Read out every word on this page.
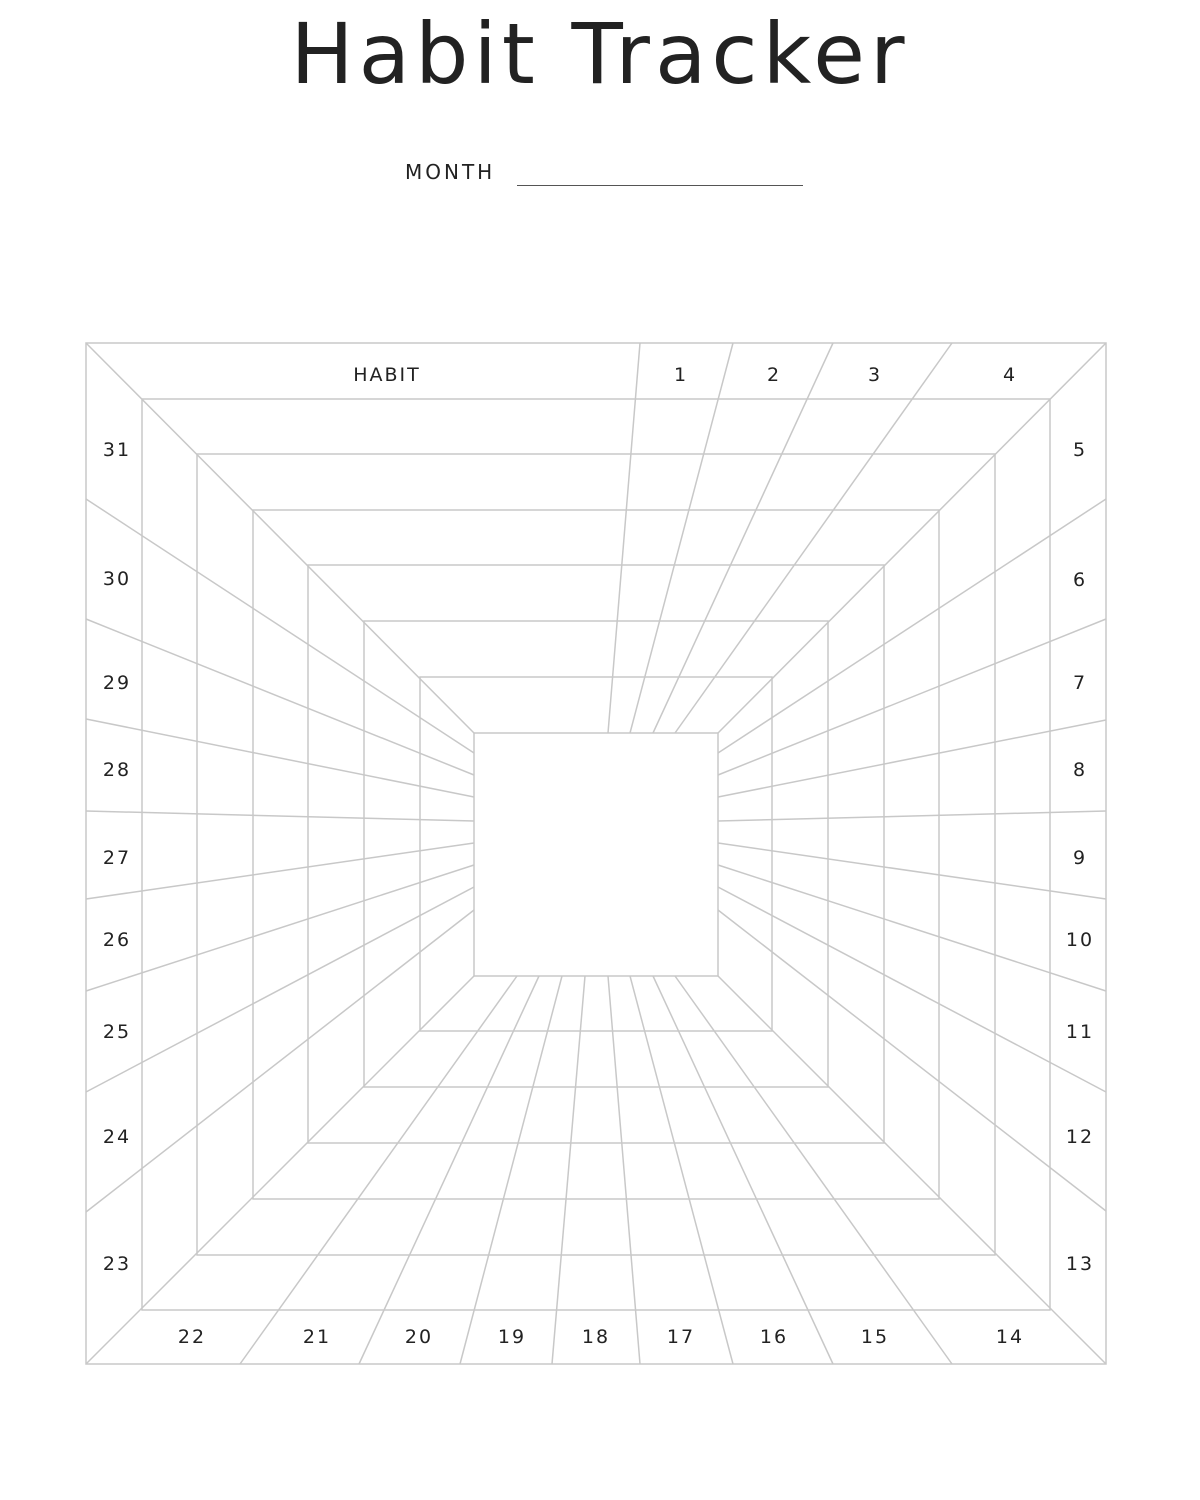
Habit Tracker
MONTH
HABIT	1	2	3	4
5
6
7
8
9
10
11
12
13
14
15
16
17
18
19
20
21
22
23
24
25
26
27
28
29
30
31
